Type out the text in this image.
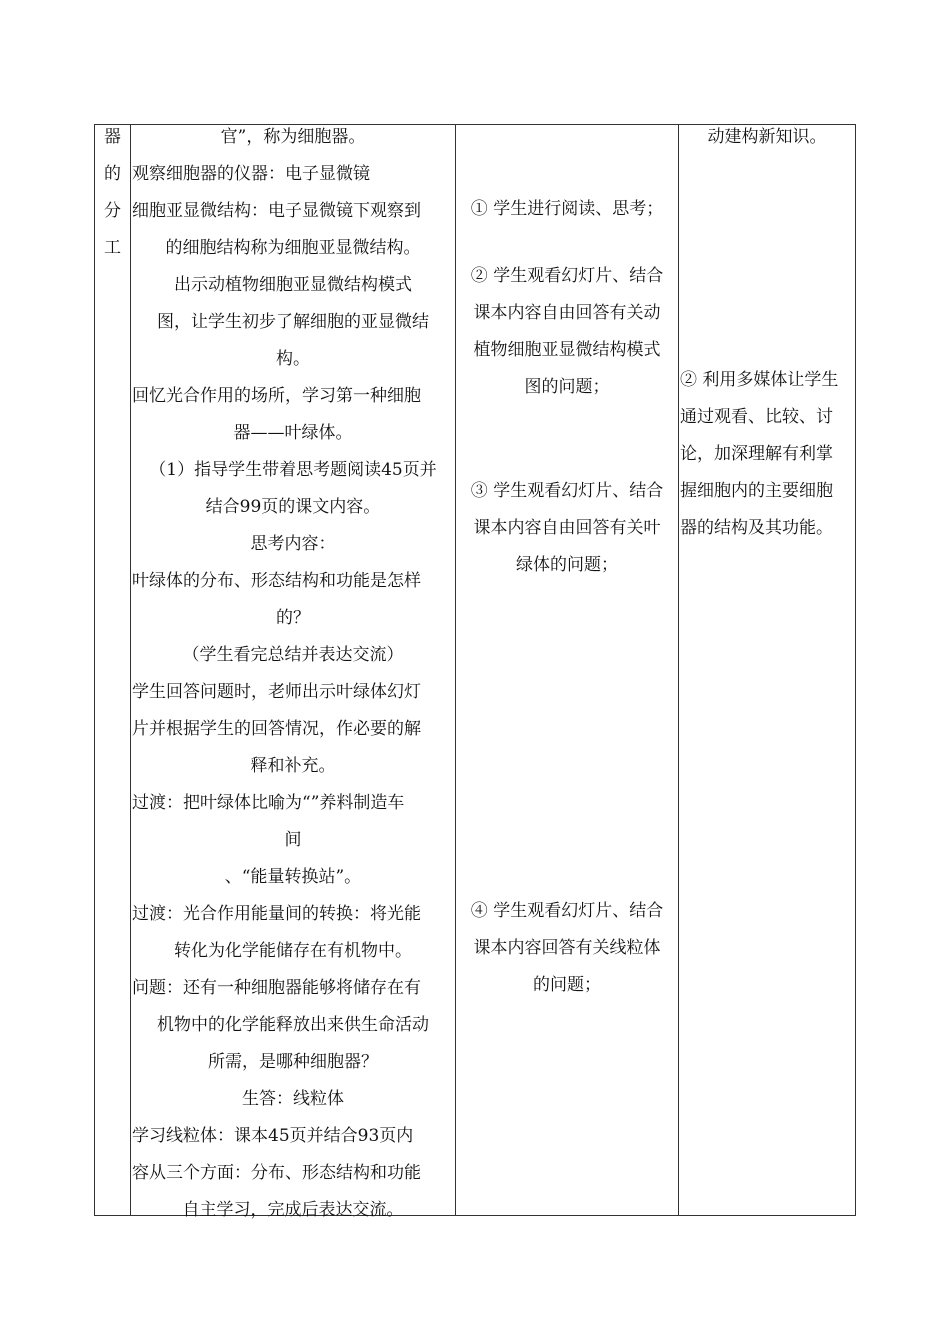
器
的
分
工
官”，称为细胞器。
观察细胞器的仪器：电子显微镜
细胞亚显微结构：电子显微镜下观察到
的细胞结构称为细胞亚显微结构。
出示动植物细胞亚显微结构模式
图，让学生初步了解细胞的亚显微结
构。
回忆光合作用的场所，学习第一种细胞
器——叶绿体。
（1）指导学生带着思考题阅读45页并
结合99页的课文内容。
思考内容：
叶绿体的分布、形态结构和功能是怎样
的？
（学生看完总结并表达交流）
学生回答问题时，老师出示叶绿体幻灯
片并根据学生的回答情况，作必要的解
释和补充。
过渡：把叶绿体比喻为“”养料制造车
间
、“能量转换站”。
过渡：光合作用能量间的转换：将光能
转化为化学能储存在有机物中。
问题：还有一种细胞器能够将储存在有
机物中的化学能释放出来供生命活动
所需，是哪种细胞器？
生答：线粒体
学习线粒体：课本45页并结合93页内
容从三个方面：分布、形态结构和功能
自主学习，完成后表达交流。
① 学生进行阅读、思考；
② 学生观看幻灯片、结合
课本内容自由回答有关动
植物细胞亚显微结构模式
图的问题；
③ 学生观看幻灯片、结合
课本内容自由回答有关叶
绿体的问题；
④ 学生观看幻灯片、结合
课本内容回答有关线粒体
的问题；
动建构新知识。
② 利用多媒体让学生
通过观看、比较、讨
论，加深理解有利掌
握细胞内的主要细胞
器的结构及其功能。
